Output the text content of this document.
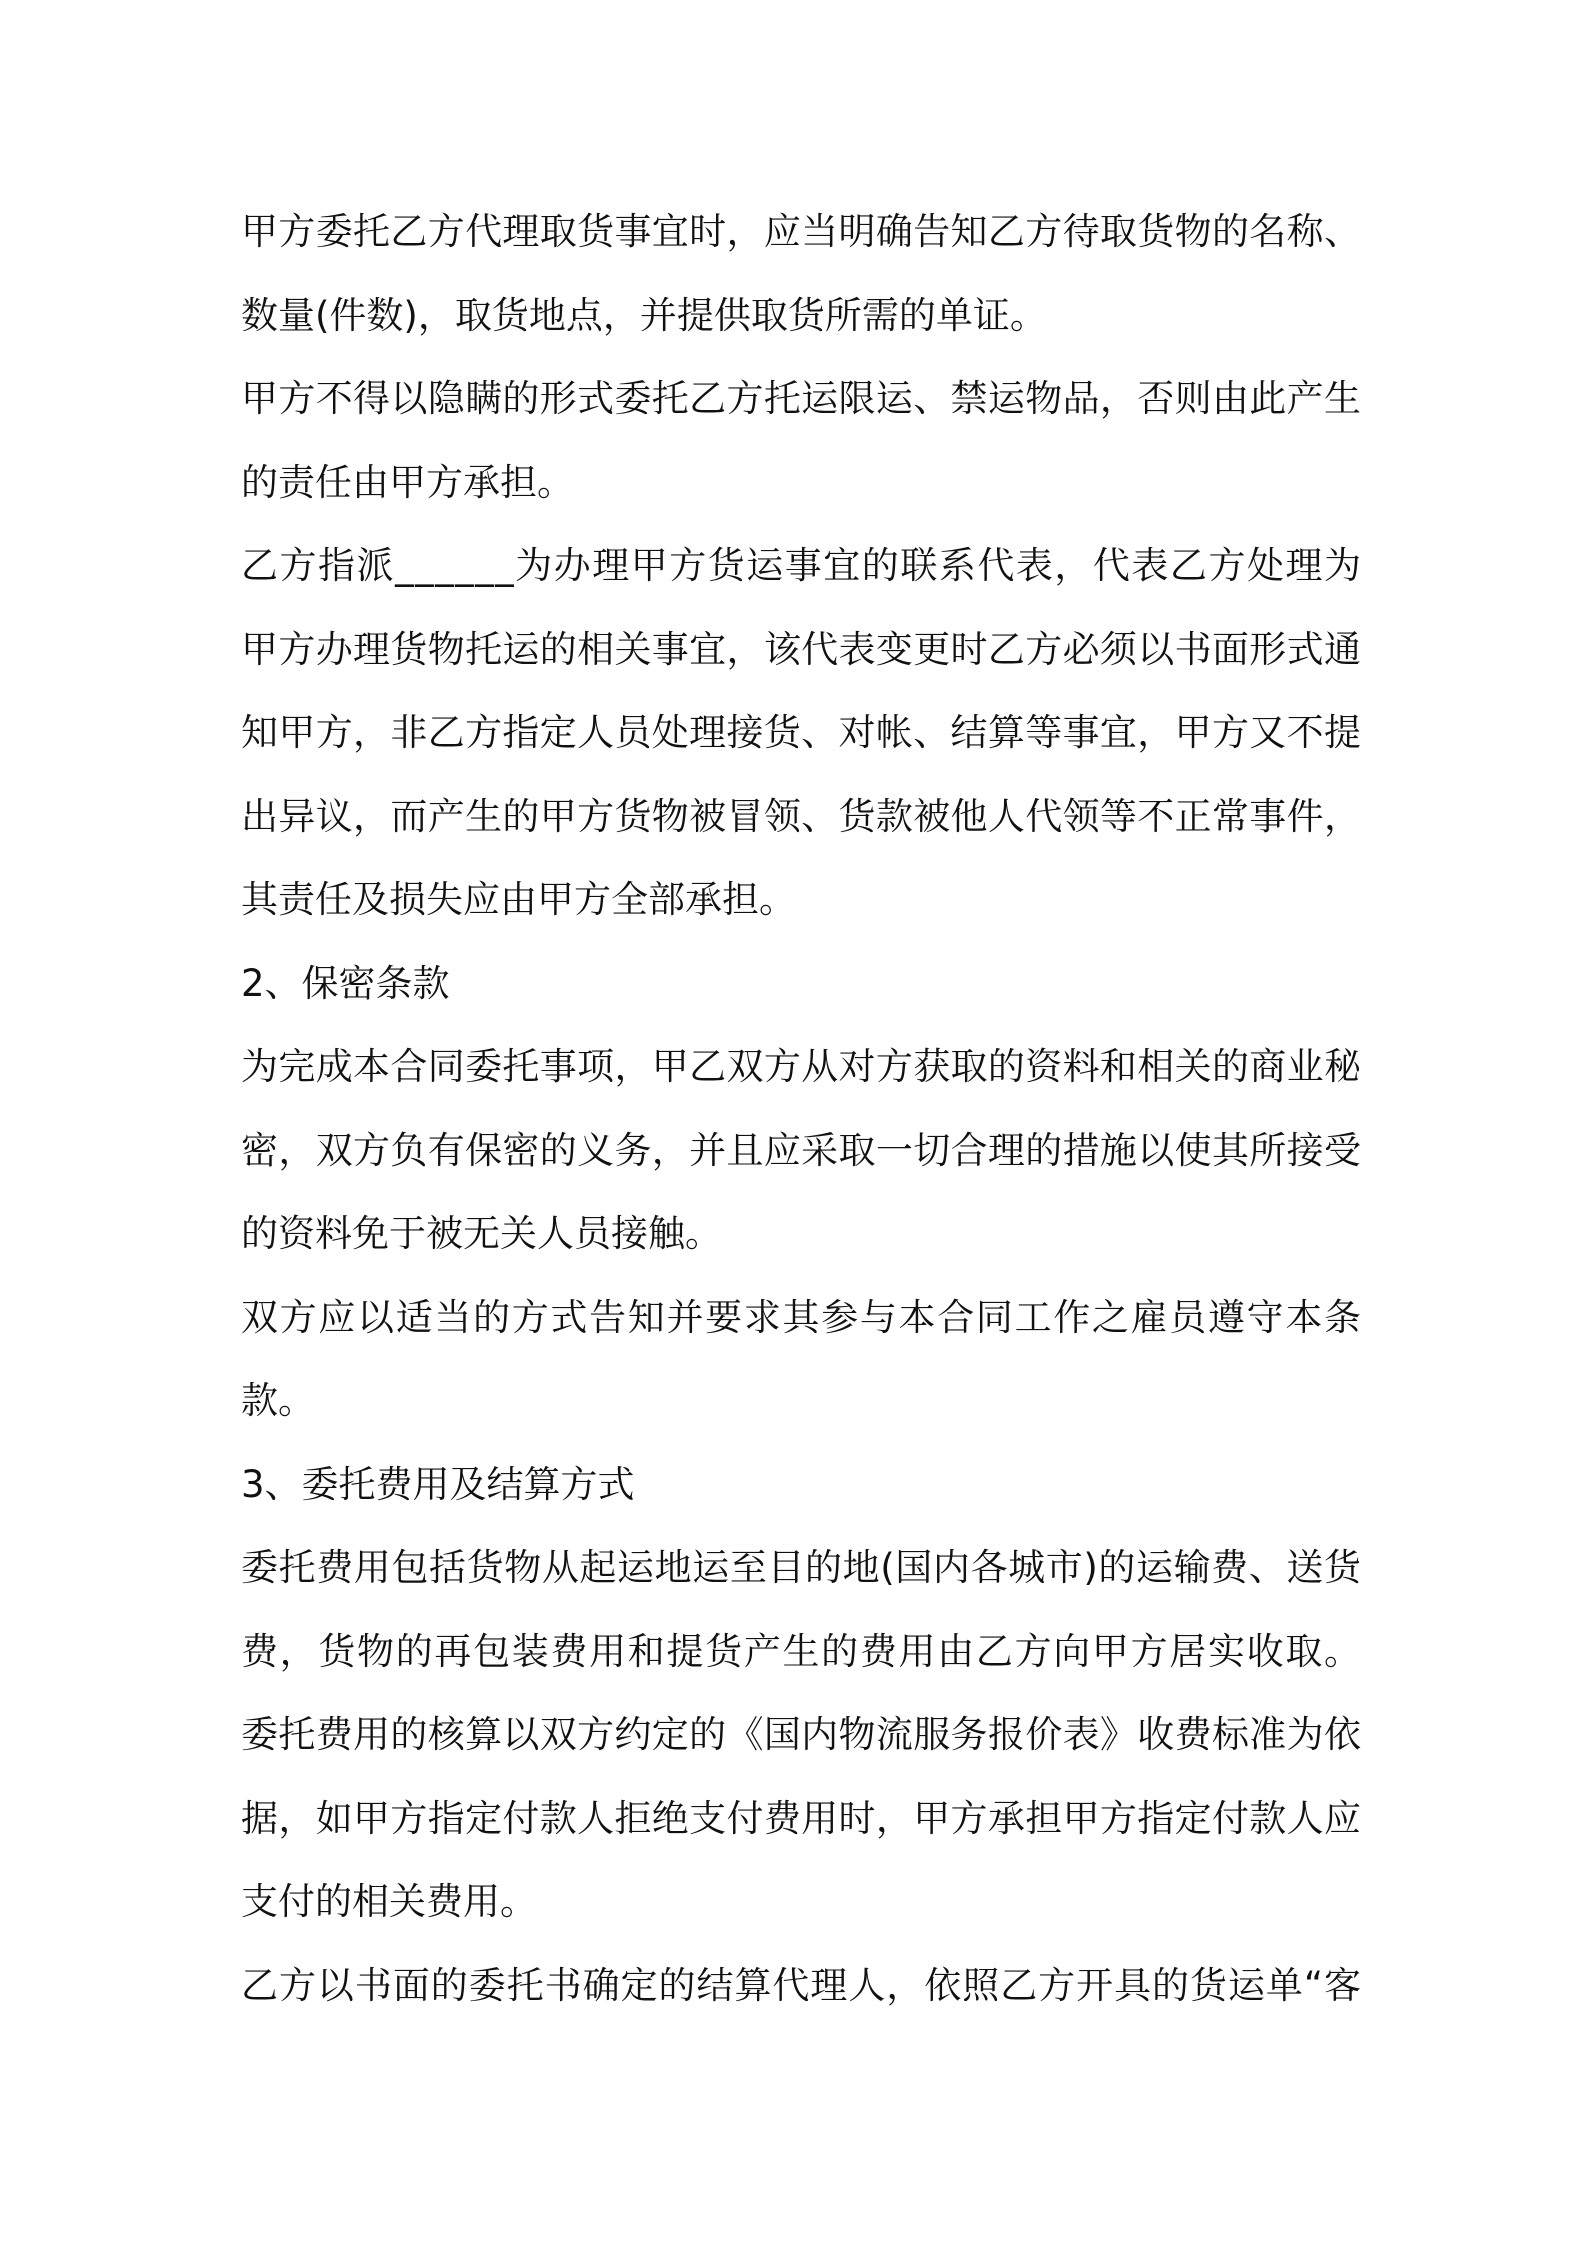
甲方委托乙方代理取货事宜时，应当明确告知乙方待取货物的名称、
数量(件数)，取货地点，并提供取货所需的单证。
甲方不得以隐瞒的形式委托乙方托运限运、禁运物品，否则由此产生
的责任由甲方承担。
乙方指派______为办理甲方货运事宜的联系代表，代表乙方处理为
甲方办理货物托运的相关事宜，该代表变更时乙方必须以书面形式通
知甲方，非乙方指定人员处理接货、对帐、结算等事宜，甲方又不提
出异议，而产生的甲方货物被冒领、货款被他人代领等不正常事件，
其责任及损失应由甲方全部承担。
2、保密条款
为完成本合同委托事项，甲乙双方从对方获取的资料和相关的商业秘
密，双方负有保密的义务，并且应采取一切合理的措施以使其所接受
的资料免于被无关人员接触。
双方应以适当的方式告知并要求其参与本合同工作之雇员遵守本条
款。
3、委托费用及结算方式
委托费用包括货物从起运地运至目的地(国内各城市)的运输费、送货
费，货物的再包装费用和提货产生的费用由乙方向甲方居实收取。
委托费用的核算以双方约定的《国内物流服务报价表》收费标准为依
据，如甲方指定付款人拒绝支付费用时，甲方承担甲方指定付款人应
支付的相关费用。
乙方以书面的委托书确定的结算代理人，依照乙方开具的货运单“客
